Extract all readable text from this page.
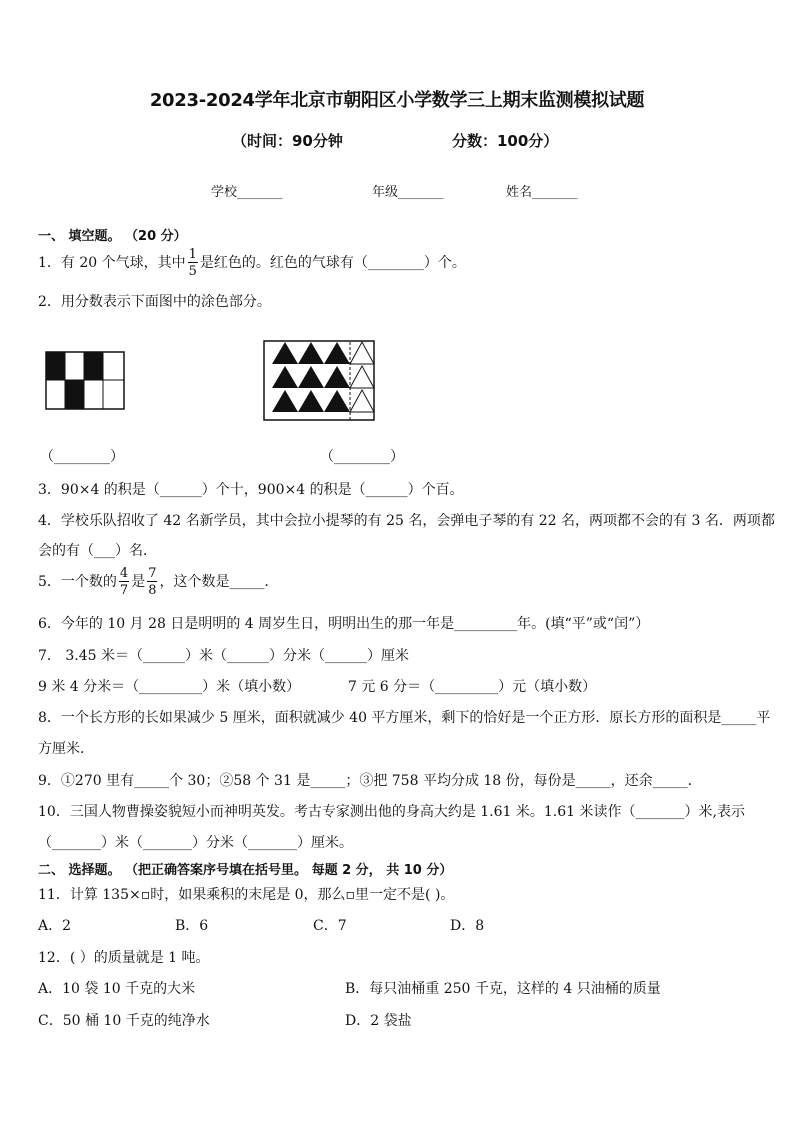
2023-2024学年北京市朝阳区小学数学三上期末监测模拟试题
（时间：90分钟	分数：100分）
学校_______	年级_______	姓名_______
一、 填空题。 （20 分）
1．有 20 个气球，其中 $\frac{1}{5}$ 是红色的。红色的气球有（________）个。
2．用分数表示下面图中的涂色部分。
（________）	（________）
3．90×4 的积是（______）个十，900×4 的积是（______）个百。
4．学校乐队招收了 42 名新学员，其中会拉小提琴的有 25 名，会弹电子琴的有 22 名，两项都不会的有 3 名．两项都
会的有（___）名．
5．一个数的 $\frac{4}{7}$ 是 $\frac{7}{8}$ ，这个数是_____．
6．今年的 10 月 28 日是明明的 4 周岁生日，明明出生的那一年是_________年。(填“平”或“闰”）
7． 3.45 米＝（______）米（______）分米（______）厘米
9 米 4 分米＝（_________）米（填小数）	7 元 6 分＝（_________）元（填小数）
8．一个长方形的长如果减少 5 厘米，面积就减少 40 平方厘米，剩下的恰好是一个正方形．原长方形的面积是_____平
方厘米．
9．①270 里有_____个 30；②58 个 31 是_____；③把 758 平均分成 18 份，每份是_____，还余_____．
10．三国人物曹操姿貌短小而神明英发。考古专家测出他的身高大约是 1.61 米。1.61 米读作（_______）米,表示
（_______）米（_______）分米（_______）厘米。
二、 选择题。 （把正确答案序号填在括号里。 每题 2 分， 共 10 分）
11．计算 135×▫时，如果乘积的末尾是 0，那么▫里一定不是( )。
A．2	B．6	C．7	D．8
12．( ）的质量就是 1 吨。
A．10 袋 10 千克的大米	B．每只油桶重 250 千克，这样的 4 只油桶的质量
C．50 桶 10 千克的纯净水	D．2 袋盐
